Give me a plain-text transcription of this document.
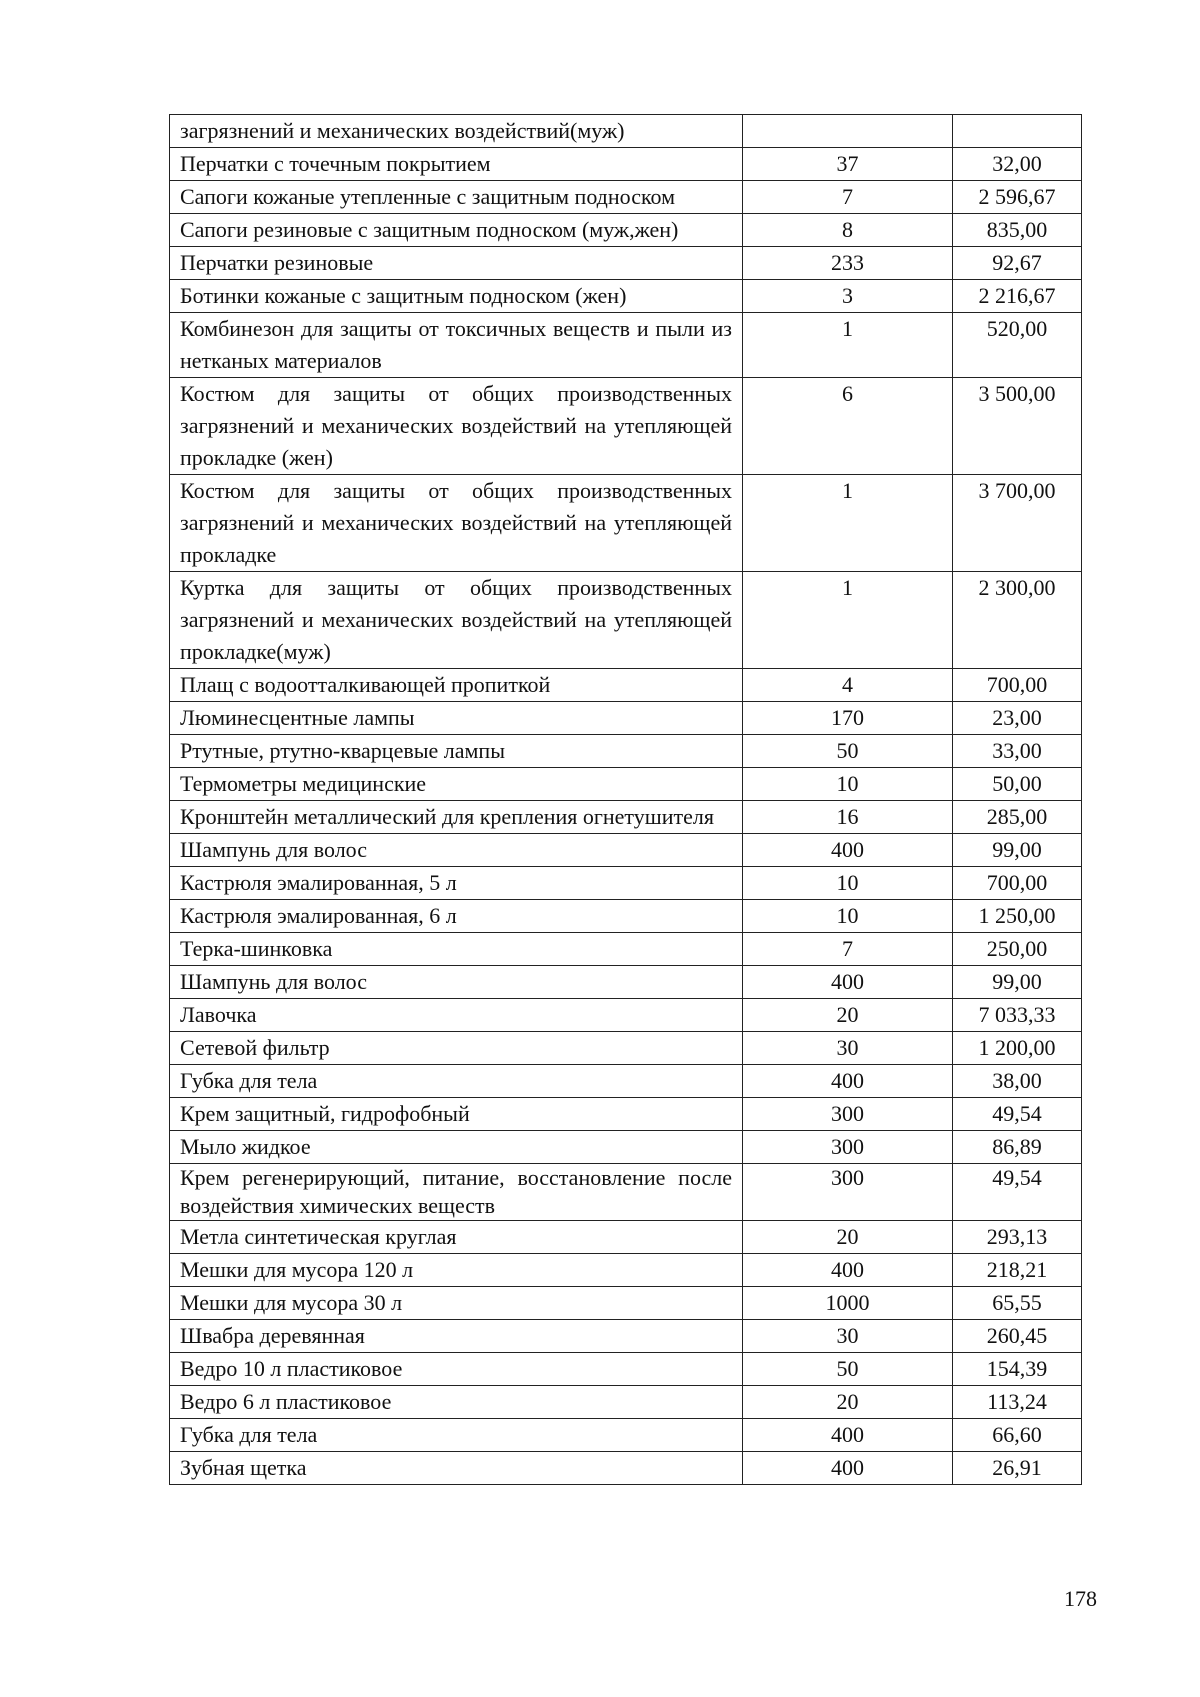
загрязнений и механических воздействий(муж)		
Перчатки с точечным покрытием	37	32,00
Сапоги кожаные утепленные с защитным подноском	7	2 596,67
Сапоги резиновые с защитным подноском (муж,жен)	8	835,00
Перчатки резиновые	233	92,67
Ботинки кожаные с защитным подноском (жен)	3	2 216,67
Комбинезон для защиты от токсичных веществ и пыли из нетканых материалов	1	520,00
Костюм для защиты от общих производственных загрязнений и механических воздействий на утепляющей прокладке (жен)	6	3 500,00
Костюм для защиты от общих производственных загрязнений и механических воздействий на утепляющей прокладке	1	3 700,00
Куртка для защиты от общих производственных загрязнений и механических воздействий на утепляющей прокладке(муж)	1	2 300,00
Плащ с водоотталкивающей пропиткой	4	700,00
Люминесцентные лампы	170	23,00
Ртутные, ртутно-кварцевые лампы	50	33,00
Термометры медицинские	10	50,00
Кронштейн металлический для крепления огнетушителя	16	285,00
Шампунь для волос	400	99,00
Кастрюля эмалированная, 5 л	10	700,00
Кастрюля эмалированная, 6 л	10	1 250,00
Терка-шинковка	7	250,00
Шампунь для волос	400	99,00
Лавочка	20	7 033,33
Сетевой фильтр	30	1 200,00
Губка для тела	400	38,00
Крем защитный, гидрофобный	300	49,54
Мыло жидкое	300	86,89
Крем регенерирующий, питание, восстановление после воздействия химических веществ	300	49,54
Метла синтетическая круглая	20	293,13
Мешки для мусора 120 л	400	218,21
Мешки для мусора 30 л	1000	65,55
Швабра деревянная	30	260,45
Ведро 10 л пластиковое	50	154,39
Ведро 6 л пластиковое	20	113,24
Губка для тела	400	66,60
Зубная щетка	400	26,91
178
